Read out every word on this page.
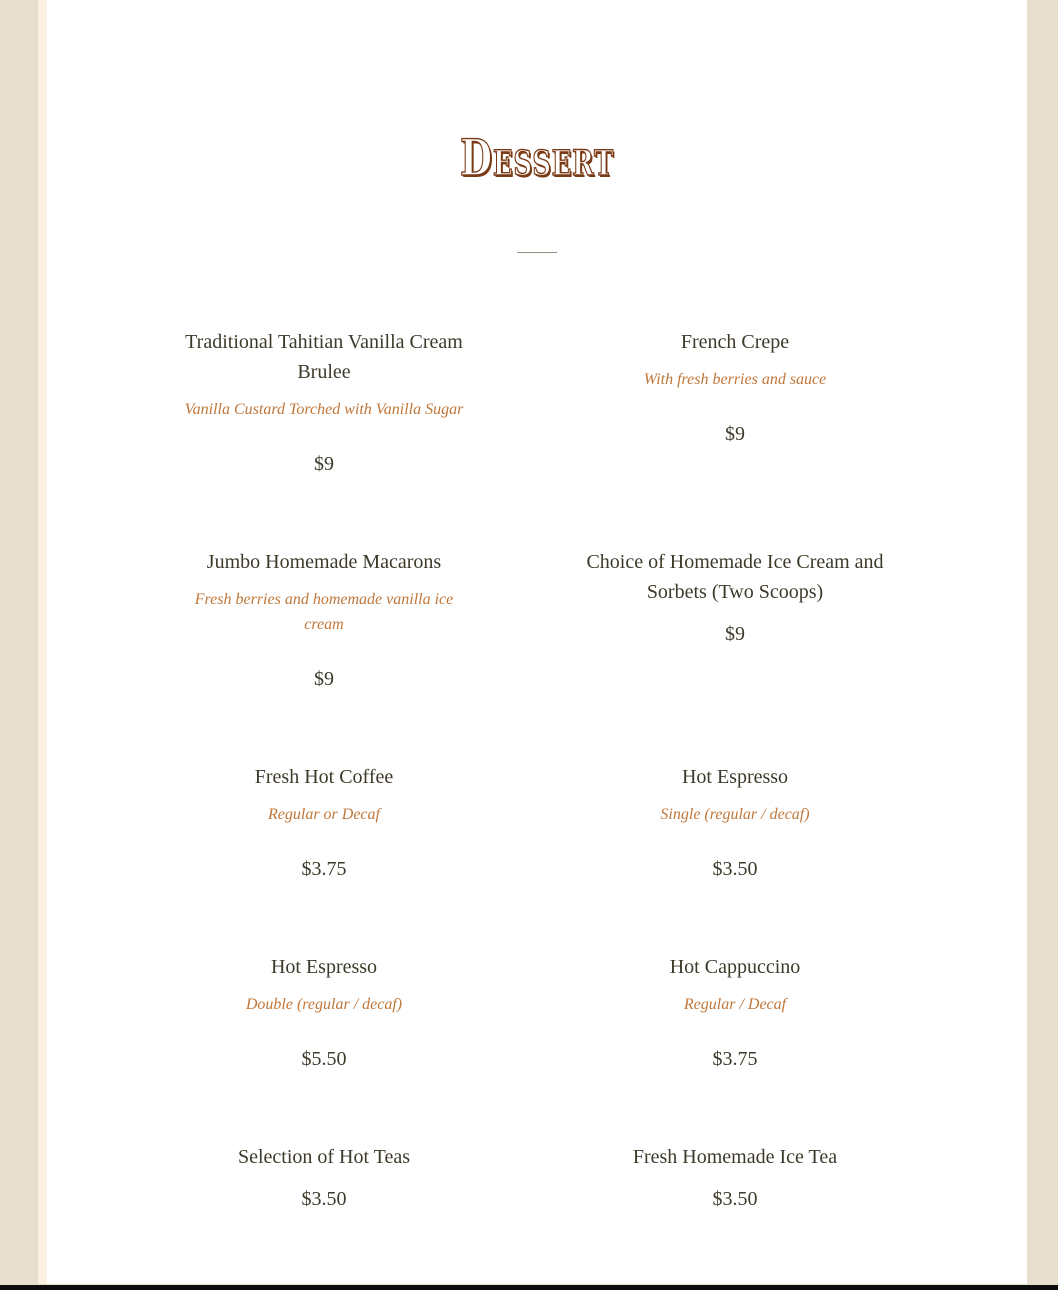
Dessert
Traditional Tahitian Vanilla Cream Brulee
Vanilla Custard Torched with Vanilla Sugar
$9
French Crepe
With fresh berries and sauce
$9
Jumbo Homemade Macarons
Fresh berries and homemade vanilla ice cream
$9
Choice of Homemade Ice Cream and Sorbets (Two Scoops)
$9
Fresh Hot Coffee
Regular or Decaf
$3.75
Hot Espresso
Single (regular / decaf)
$3.50
Hot Espresso
Double (regular / decaf)
$5.50
Hot Cappuccino
Regular / Decaf
$3.75
Selection of Hot Teas
$3.50
Fresh Homemade Ice Tea
$3.50
